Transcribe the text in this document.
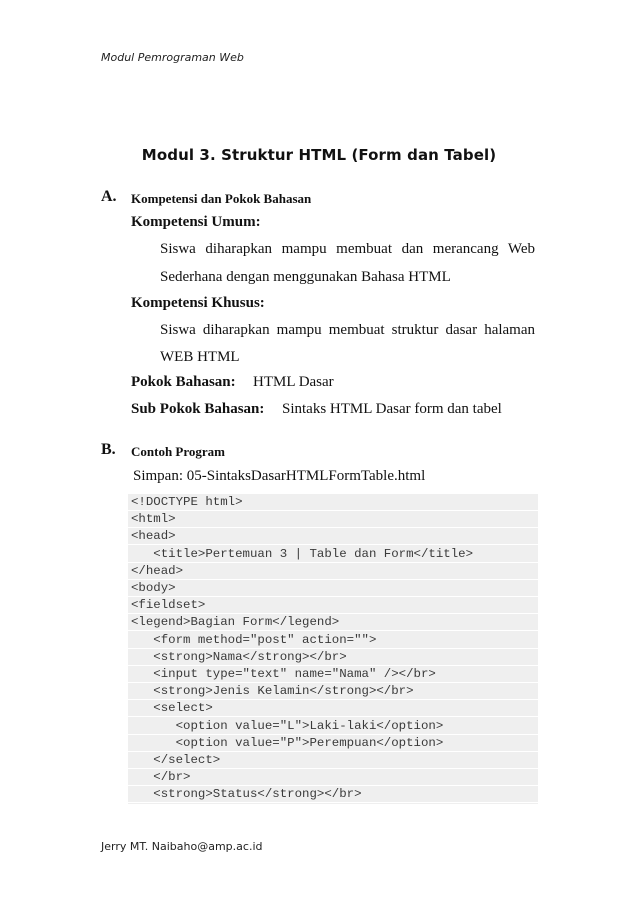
Modul Pemrograman Web
Modul 3. Struktur HTML (Form dan Tabel)
A. Kompetensi dan Pokok Bahasan
Kompetensi Umum:
Siswa diharapkan mampu membuat dan merancang Web
Sederhana dengan menggunakan Bahasa HTML
Kompetensi Khusus:
Siswa diharapkan mampu membuat struktur dasar halaman
WEB HTML
Pokok Bahasan: HTML Dasar
Sub Pokok Bahasan: Sintaks HTML Dasar form dan tabel
B. Contoh Program
Simpan: 05-SintaksDasarHTMLFormTable.html
<!DOCTYPE html>
<html>
<head>
<title>Pertemuan 3 | Table dan Form</title>
</head>
<body>
<fieldset>
<legend>Bagian Form</legend>
<form method="post" action="">
<strong>Nama</strong></br>
<input type="text" name="Nama" /></br>
<strong>Jenis Kelamin</strong></br>
<select>
<option value="L">Laki-laki</option>
<option value="P">Perempuan</option>
</select>
</br>
<strong>Status</strong></br>
Jerry MT. Naibaho@amp.ac.id
